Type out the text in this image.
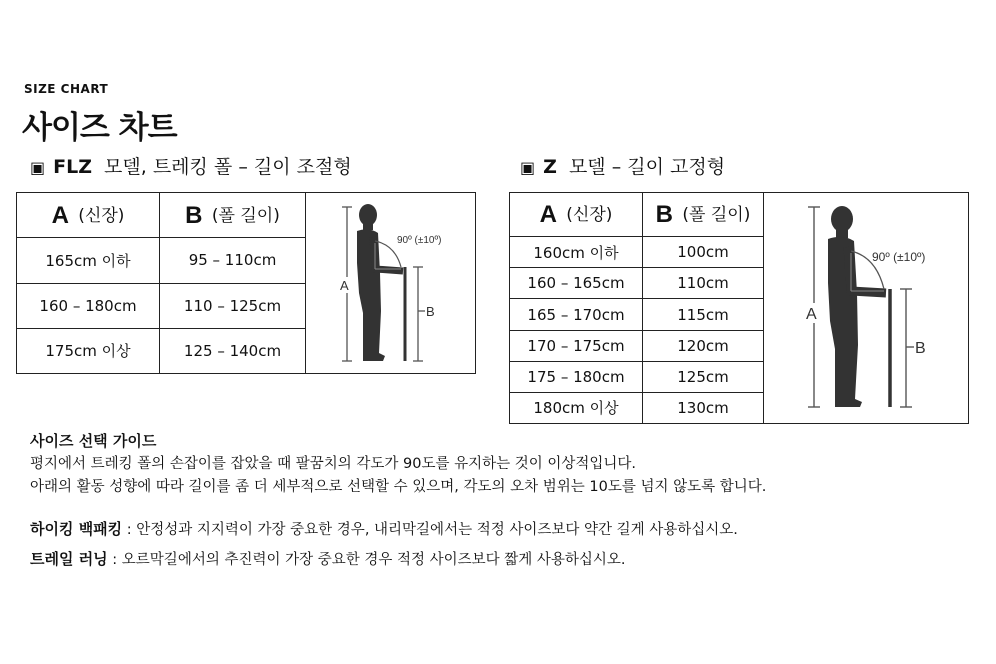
SIZE CHART
사이즈 차트
▣ FLZ 모델, 트레킹 폴 – 길이 조절형	▣ Z 모델 – 길이 고정형
A (신장)	B (폴 길이)	A
90º (±10º)
B

165cm 이하	95 – 110cm	
160 – 180cm	110 – 125cm	
175cm 이상	125 – 140cm	
A (신장)	B (폴 길이)	A
90º (±10º)
B

160cm 이하	100cm	
160 – 165cm	110cm	
165 – 170cm	115cm	
170 – 175cm	120cm	
175 – 180cm	125cm	
180cm 이상	130cm	
사이즈 선택 가이드
평지에서 트레킹 폴의 손잡이를 잡았을 때 팔꿈치의 각도가 90도를 유지하는 것이 이상적입니다.
아래의 활동 성향에 따라 길이를 좀 더 세부적으로 선택할 수 있으며, 각도의 오차 범위는 10도를 넘지 않도록 합니다.
하이킹 백패킹 : 안정성과 지지력이 가장 중요한 경우, 내리막길에서는 적정 사이즈보다 약간 길게 사용하십시오.
트레일 러닝 : 오르막길에서의 추진력이 가장 중요한 경우 적정 사이즈보다 짧게 사용하십시오.
